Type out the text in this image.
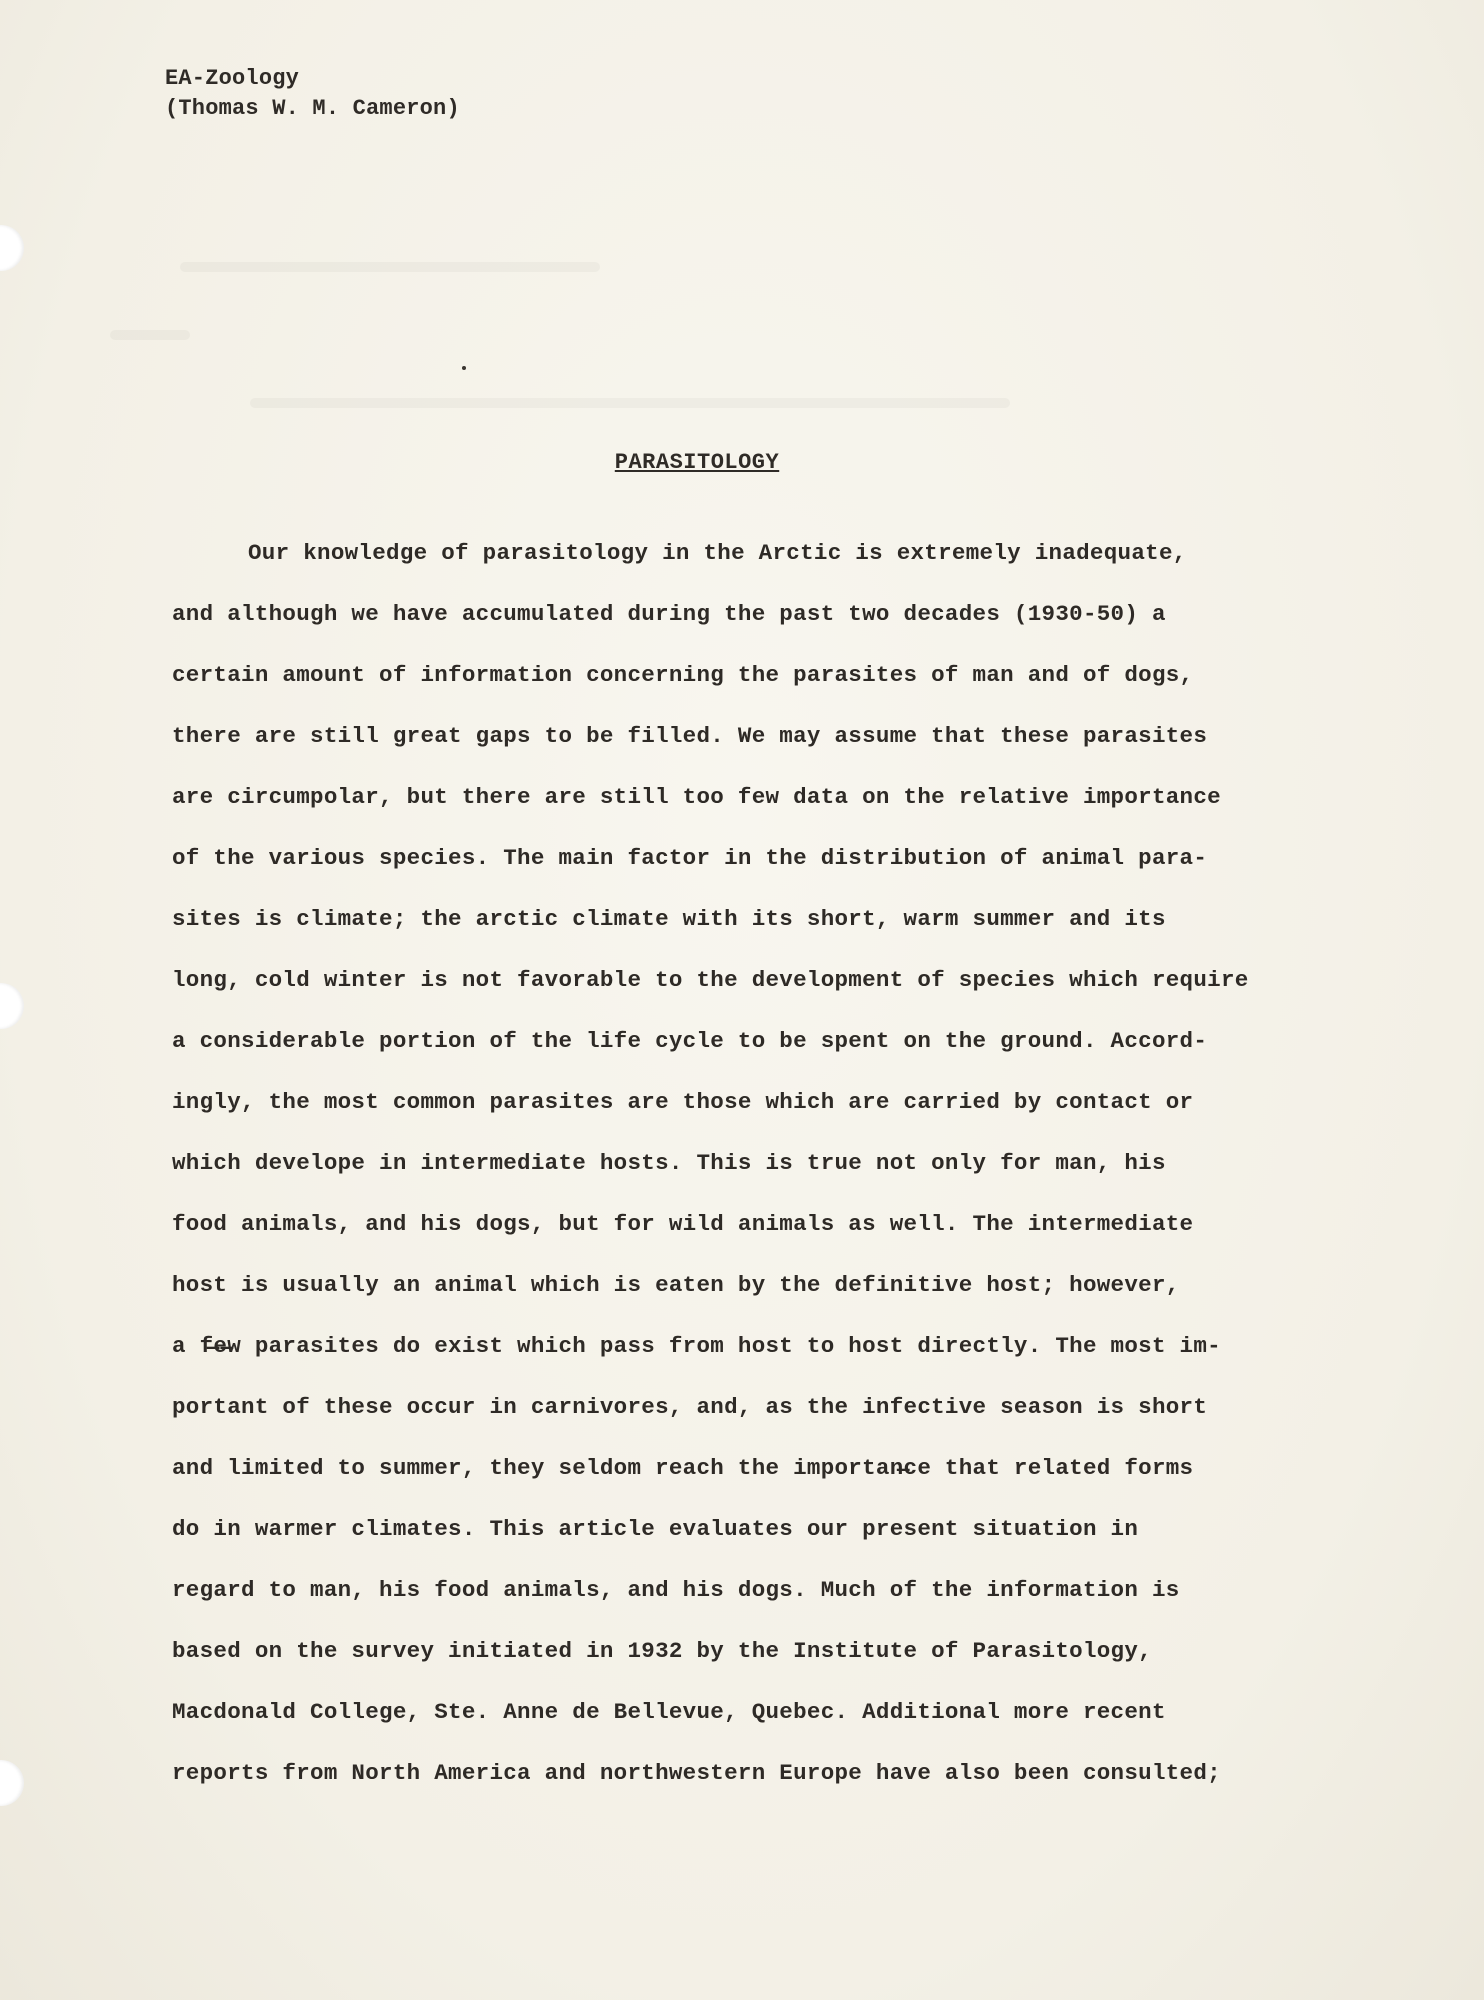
EA-Zoology
(Thomas W. M. Cameron)
PARASITOLOGY
Our knowledge of parasitology in the Arctic is extremely inadequate,
and although we have accumulated during the past two decades (1930-50) a
certain amount of information concerning the parasites of man and of dogs,
there are still great gaps to be filled. We may assume that these parasites
are circumpolar, but there are still too few data on the relative importance
of the various species. The main factor in the distribution of animal para-
sites is climate; the arctic climate with its short, warm summer and its
long, cold winter is not favorable to the development of species which require
a considerable portion of the life cycle to be spent on the ground. Accord-
ingly, the most common parasites are those which are carried by contact or
which develope in intermediate hosts. This is true not only for man, his
food animals, and his dogs, but for wild animals as well. The intermediate
host is usually an animal which is eaten by the definitive host; however,
a f̶e̶w parasites do exist which pass from host to host directly. The most im-
portant of these occur in carnivores, and, as the infective season is short
and limited to summer, they seldom reach the importan̶ce that related forms
do in warmer climates. This article evaluates our present situation in
regard to man, his food animals, and his dogs. Much of the information is
based on the survey initiated in 1932 by the Institute of Parasitology,
Macdonald College, Ste. Anne de Bellevue, Quebec. Additional more recent
reports from North America and northwestern Europe have also been consulted;
